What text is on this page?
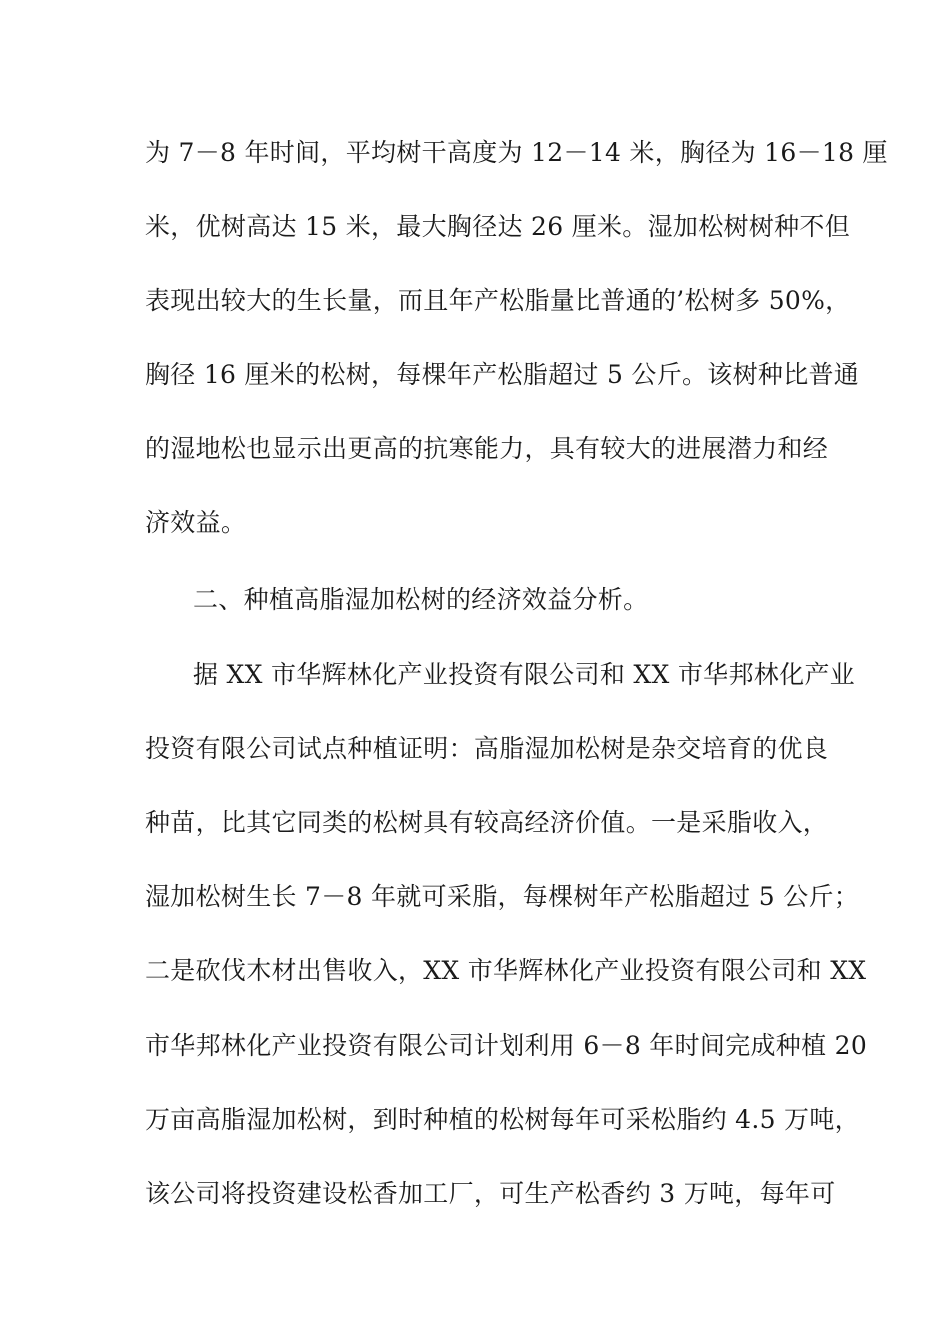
为 7－8 年时间，平均树干高度为 12－14 米，胸径为 16－18 厘
米，优树高达 15 米，最大胸径达 26 厘米。湿加松树树种不但
表现出较大的生长量，而且年产松脂量比普通的’松树多 50%，
胸径 16 厘米的松树，每棵年产松脂超过 5 公斤。该树种比普通
的湿地松也显示出更高的抗寒能力，具有较大的进展潜力和经
济效益。
二、种植高脂湿加松树的经济效益分析。
据 XX 市华辉林化产业投资有限公司和 XX 市华邦林化产业
投资有限公司试点种植证明：高脂湿加松树是杂交培育的优良
种苗，比其它同类的松树具有较高经济价值。一是采脂收入，
湿加松树生长 7－8 年就可采脂，每棵树年产松脂超过 5 公斤；
二是砍伐木材出售收入，XX 市华辉林化产业投资有限公司和 XX
市华邦林化产业投资有限公司计划利用 6－8 年时间完成种植 20
万亩高脂湿加松树，到时种植的松树每年可采松脂约 4.5 万吨，
该公司将投资建设松香加工厂，可生产松香约 3 万吨，每年可
